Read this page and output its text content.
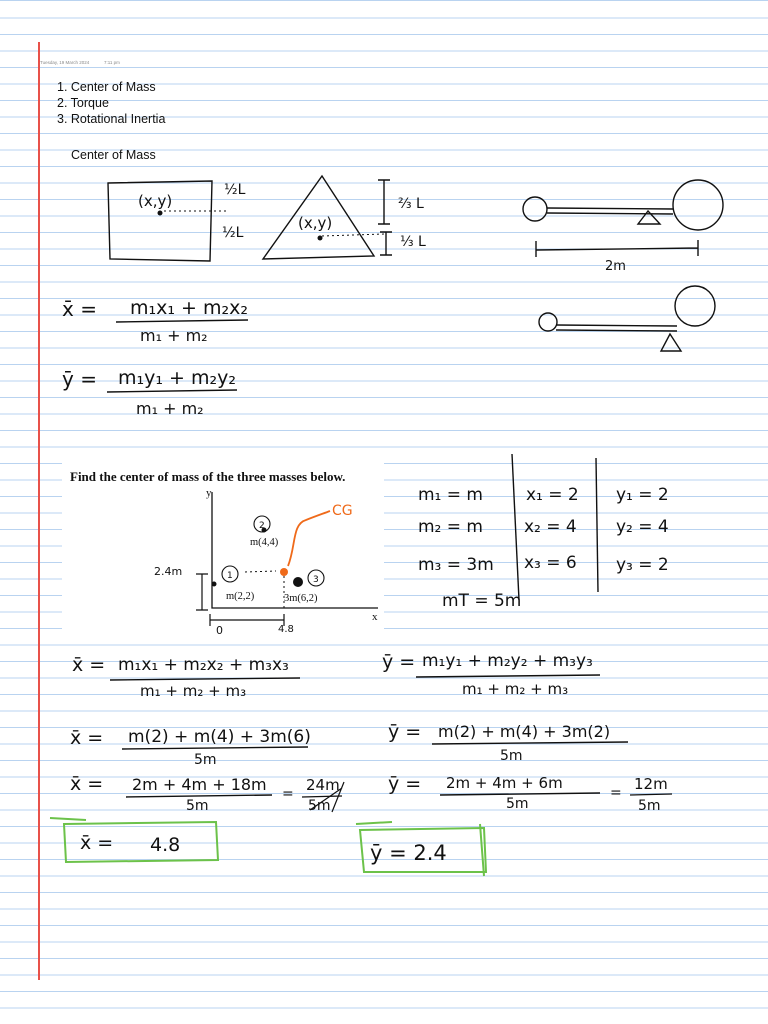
Tuesday, 19 March 2024	7:11 pm
1. Center of Mass
2. Torque
3. Rotational Inertia
Center of Mass
(x,y)
½L
½L
(x,y)
⅔ L
⅓ L
2m
x̄ = m₁x₁ + m₂x₂
m₁ + m₂
ȳ = m₁y₁ + m₂y₂
m₁ + m₂
m₁ = m
m₂ = m
m₃ = 3m
mT = 5m
x₁ = 2
x₂ = 4
x₃ = 6
y₁ = 2
y₂ = 4
y₃ = 2
x̄ = m₁x₁ + m₂x₂ + m₃x₃
m₁ + m₂ + m₃
x̄ = m(2) + m(4) + 3m(6)
5m
x̄ = 2m + 4m + 18m
5m
= 24m
5m
x̄ = 4.8
ȳ = m₁y₁ + m₂y₂ + m₃y₃
m₁ + m₂ + m₃
ȳ = m(2) + m(4) + 3m(2)
5m
ȳ = 2m + 4m + 6m
5m
= 12m
5m
ȳ = 2.4
Find the center of mass of the three masses below.
y
x
m(2,2)
m(4,4)
3m(6,2)
1
2
3
CG
2.4m
0	4.8
